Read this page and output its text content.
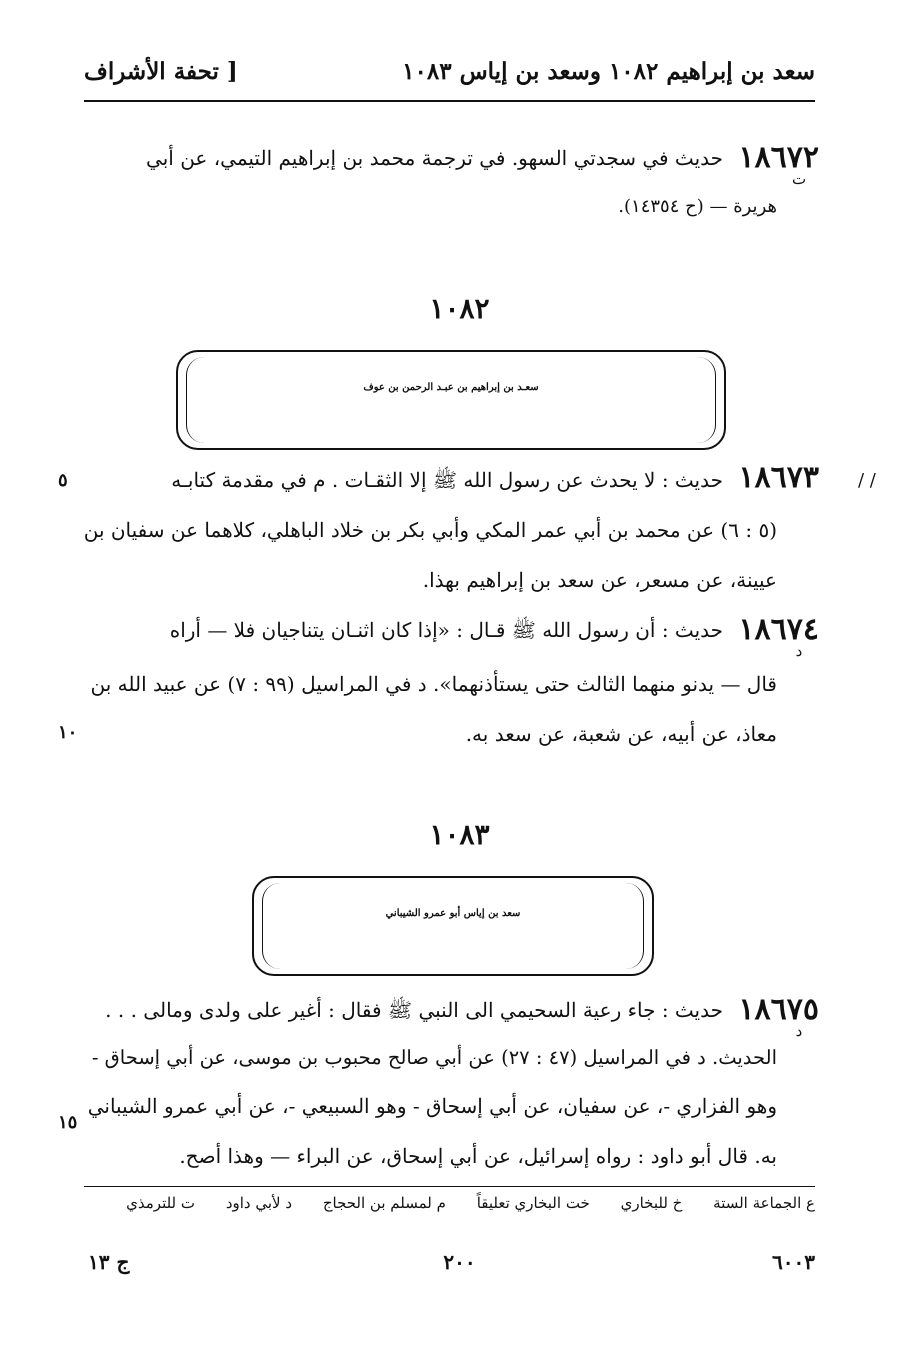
سعد بن إبراهيم ١٠٨٢ وسعد بن إياس ١٠٨٣
[ تحفة الأشراف
١٨٦٧٢
ت
حديث في سجدتي السهو. في ترجمة محمد بن إبراهيم التيمي، عن أبي
هريرة — (ح ١٤٣٥٤).
١٠٨٢
سعـد بن إبراهيم بن عبـد الرحمن بن عوف
/ /
٥	١٨٦٧٣
حديث : لا يحدث عن رسول الله ﷺ إلا الثقـات . م في مقدمة كتابـه
(٥ : ٦) عن محمد بن أبي عمر المكي وأبي بكر بن خلاد الباهلي، كلاهما عن سفيان بن
عيينة، عن مسعر، عن سعد بن إبراهيم بهذا.
١٨٦٧٤
د
حديث : أن رسول الله ﷺ قـال : «إذا كان اثنـان يتناجيان فلا — أراه
قال — يدنو منهما الثالث حتى يستأذنهما». د في المراسيل (٩٩ : ٧) عن عبيد الله بن
معاذ، عن أبيه، عن شعبة، عن سعد به.
١٠
١٠٨٣
سعد بن إياس أبو عمرو الشيباني
١٨٦٧٥
د
حديث : جاء رعية السحيمي الى النبي ﷺ فقال : أغير على ولدى ومالى . . .
الحديث. د في المراسيل (٤٧ : ٢٧) عن أبي صالح محبوب بن موسى، عن أبي إسحاق -
وهو الفزاري -، عن سفيان، عن أبي إسحاق - وهو السبيعي -، عن أبي عمرو الشيباني
به. قال أبو داود : رواه إسرائيل، عن أبي إسحاق، عن البراء — وهذا أصح.
١٥
ع الجماعة الستة خ للبخاري خت البخاري تعليقاً م لمسلم بن الحجاج د لأبي داود ت للترمذي
ج ١٣	٢٠٠	٦٠٠٣
